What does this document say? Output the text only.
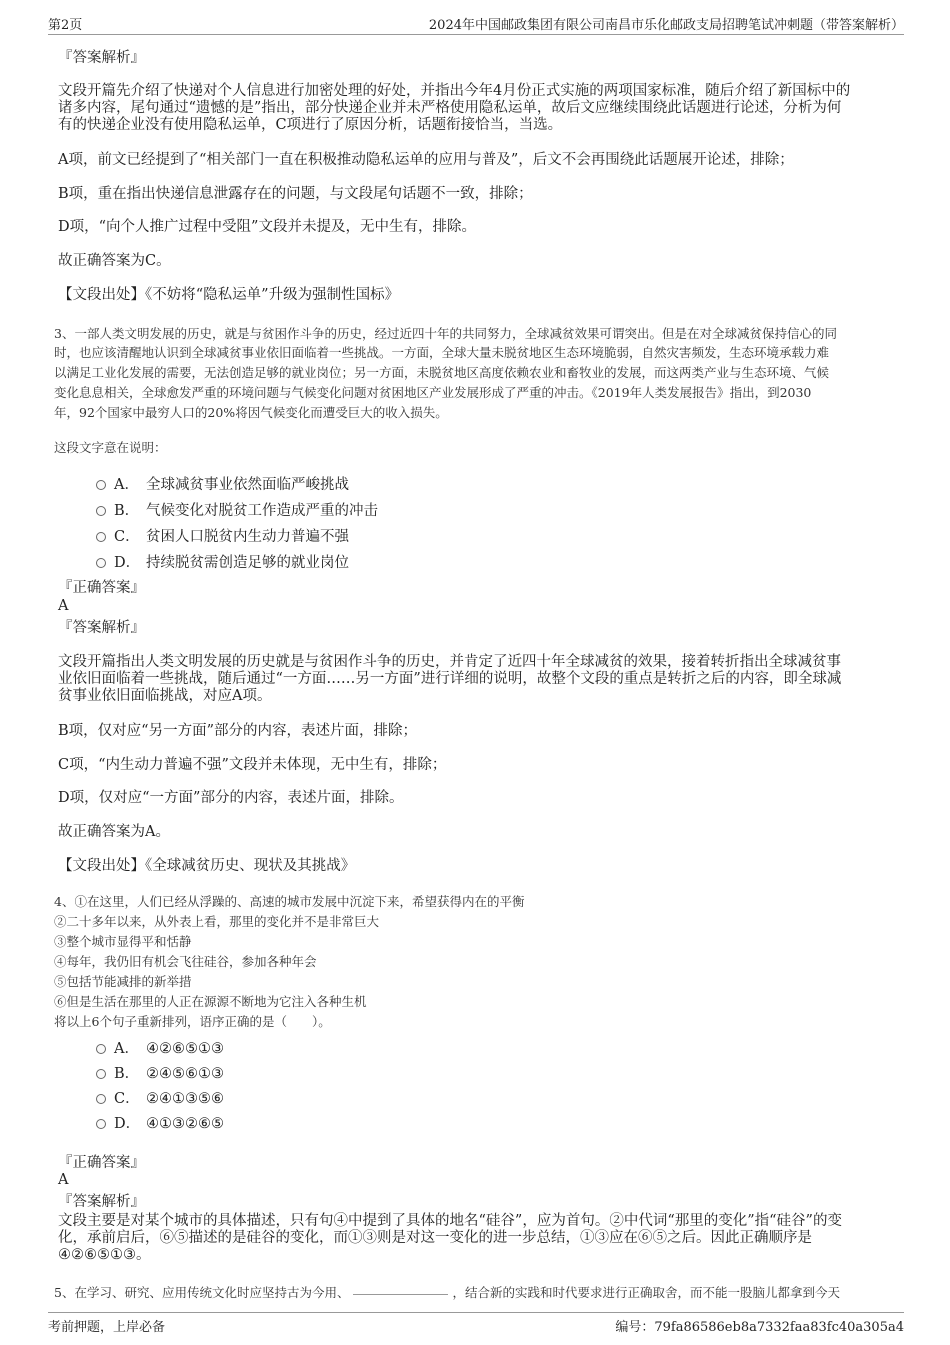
第2页	2024年中国邮政集团有限公司南昌市乐化邮政支局招聘笔试冲刺题（带答案解析）
『答案解析』
文段开篇先介绍了快递对个人信息进行加密处理的好处，并指出今年4月份正式实施的两项国家标准，随后介绍了新国标中的
诸多内容，尾句通过“遗憾的是”指出，部分快递企业并未严格使用隐私运单，故后文应继续围绕此话题进行论述，分析为何
有的快递企业没有使用隐私运单，C项进行了原因分析，话题衔接恰当，当选。
A项，前文已经提到了“相关部门一直在积极推动隐私运单的应用与普及”，后文不会再围绕此话题展开论述，排除；
B项，重在指出快递信息泄露存在的问题，与文段尾句话题不一致，排除；
D项，“向个人推广过程中受阻”文段并未提及，无中生有，排除。
故正确答案为C。
【文段出处】《不妨将“隐私运单”升级为强制性国标》
3、一部人类文明发展的历史，就是与贫困作斗争的历史，经过近四十年的共同努力，全球减贫效果可谓突出。但是在对全球减贫保持信心的同
时，也应该清醒地认识到全球减贫事业依旧面临着一些挑战。一方面，全球大量未脱贫地区生态环境脆弱，自然灾害频发，生态环境承载力难
以满足工业化发展的需要，无法创造足够的就业岗位；另一方面，未脱贫地区高度依赖农业和畜牧业的发展，而这两类产业与生态环境、气候
变化息息相关，全球愈发严重的环境问题与气候变化问题对贫困地区产业发展形成了严重的冲击。《2019年人类发展报告》指出，到2030
年，92个国家中最穷人口的20%将因气候变化而遭受巨大的收入损失。
这段文字意在说明：
A． 全球减贫事业依然面临严峻挑战
B． 气候变化对脱贫工作造成严重的冲击
C． 贫困人口脱贫内生动力普遍不强
D． 持续脱贫需创造足够的就业岗位
『正确答案』
A
『答案解析』
文段开篇指出人类文明发展的历史就是与贫困作斗争的历史，并肯定了近四十年全球减贫的效果，接着转折指出全球减贫事
业依旧面临着一些挑战，随后通过“一方面……另一方面”进行详细的说明，故整个文段的重点是转折之后的内容，即全球减
贫事业依旧面临挑战，对应A项。
B项，仅对应“另一方面”部分的内容，表述片面，排除；
C项，“内生动力普遍不强”文段并未体现，无中生有，排除；
D项，仅对应“一方面”部分的内容，表述片面，排除。
故正确答案为A。
【文段出处】《全球减贫历史、现状及其挑战》
4、①在这里，人们已经从浮躁的、高速的城市发展中沉淀下来，希望获得内在的平衡
②二十多年以来，从外表上看，那里的变化并不是非常巨大
③整个城市显得平和恬静
④每年，我仍旧有机会飞往硅谷，参加各种年会
⑤包括节能减排的新举措
⑥但是生活在那里的人正在源源不断地为它注入各种生机
将以上6个句子重新排列，语序正确的是（　　）。
A． ④②⑥⑤①③
B． ②④⑤⑥①③
C． ②④①③⑤⑥
D． ④①③②⑥⑤
『正确答案』
A
『答案解析』
文段主要是对某个城市的具体描述，只有句④中提到了具体的地名“硅谷”，应为首句。②中代词“那里的变化”指“硅谷”的变
化，承前启后，⑥⑤描述的是硅谷的变化，而①③则是对这一变化的进一步总结，①③应在⑥⑤之后。因此正确顺序是
④②⑥⑤①③。
5、在学习、研究、应用传统文化时应坚持古为今用、	，结合新的实践和时代要求进行正确取舍，而不能一股脑儿都拿到今天
考前押题，上岸必备	编号：79fa86586eb8a7332faa83fc40a305a4
